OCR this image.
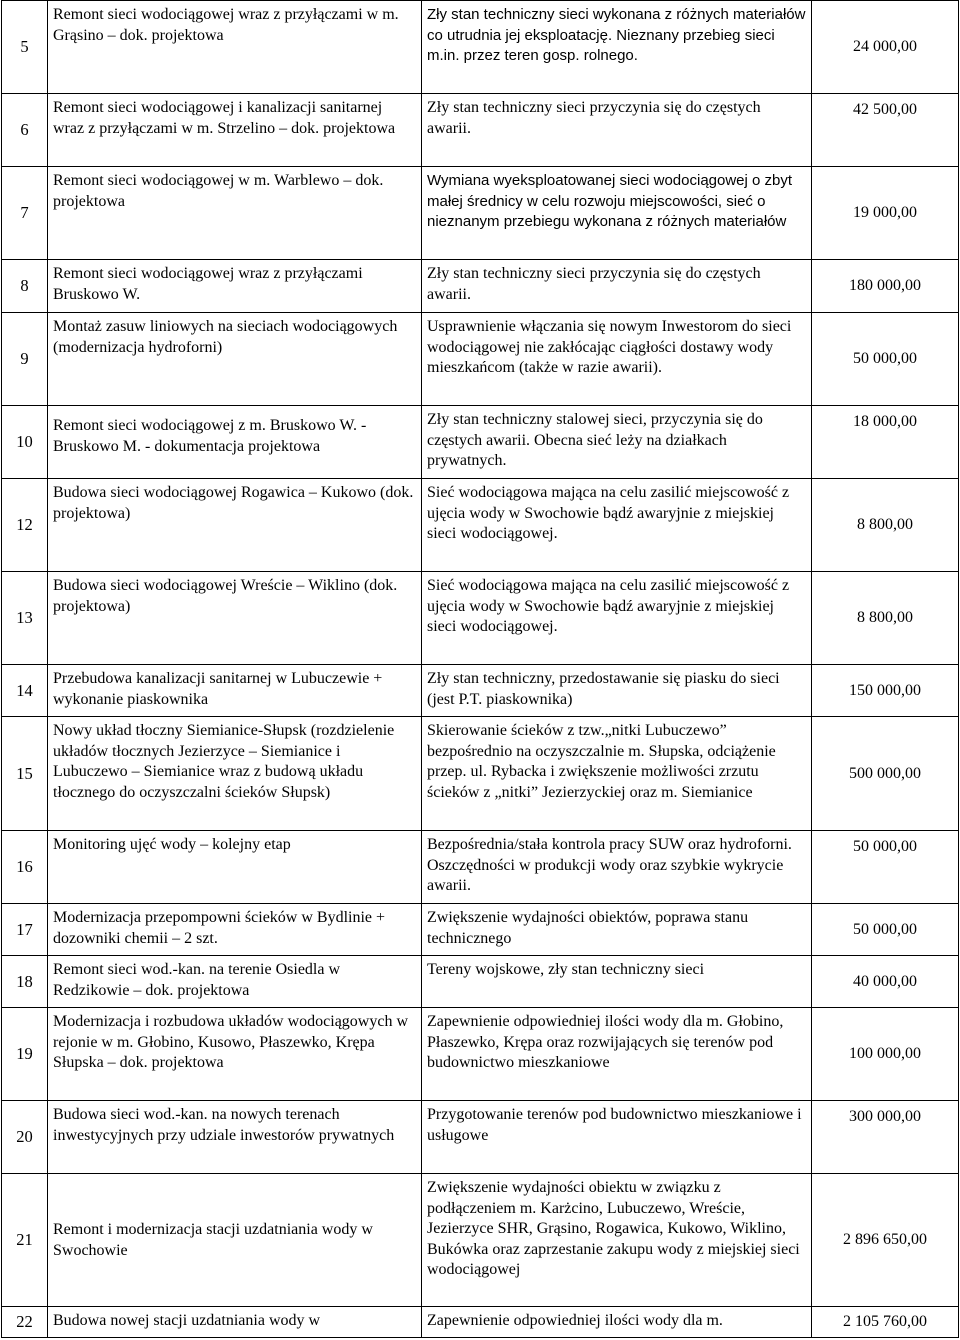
5	Remont sieci wodociągowej wraz z przyłączami w m. Grąsino – dok. projektowa	Zły stan techniczny sieci wykonana z różnych materiałów co utrudnia jej eksploatację. Nieznany przebieg sieci m.in. przez teren gosp. rolnego.	24 000,00
6	Remont sieci wodociągowej i kanalizacji sanitarnej wraz z przyłączami w m. Strzelino – dok. projektowa	Zły stan techniczny sieci przyczynia się do częstych awarii.	42 500,00
7	Remont sieci wodociągowej w m. Warblewo – dok. projektowa	Wymiana wyeksploatowanej sieci wodociągowej o zbyt małej średnicy w celu rozwoju miejscowości, sieć o nieznanym przebiegu wykonana z różnych materiałów	19 000,00
8	Remont sieci wodociągowej wraz z przyłączami Bruskowo W.	Zły stan techniczny sieci przyczynia się do częstych awarii.	180 000,00
9	Montaż zasuw liniowych na sieciach wodociągowych (modernizacja hydroforni)	Usprawnienie włączania się nowym Inwestorom do sieci wodociągowej nie zakłócając ciągłości dostawy wody mieszkańcom (także w razie awarii).	50 000,00
10	Remont sieci wodociągowej z m. Bruskowo W. - Bruskowo M. - dokumentacja projektowa	Zły stan techniczny stalowej sieci, przyczynia się do częstych awarii. Obecna sieć leży na działkach prywatnych.	18 000,00
12	Budowa sieci wodociągowej Rogawica – Kukowo (dok. projektowa)	Sieć wodociągowa mająca na celu zasilić miejscowość z ujęcia wody w Swochowie bądź awaryjnie z miejskiej sieci wodociągowej.	8 800,00
13	Budowa sieci wodociągowej Wreście – Wiklino (dok. projektowa)	Sieć wodociągowa mająca na celu zasilić miejscowość z ujęcia wody w Swochowie bądź awaryjnie z miejskiej sieci wodociągowej.	8 800,00
14	Przebudowa kanalizacji sanitarnej w Lubuczewie + wykonanie piaskownika	Zły stan techniczny, przedostawanie się piasku do sieci (jest P.T. piaskownika)	150 000,00
15	Nowy układ tłoczny Siemianice-Słupsk (rozdzielenie układów tłocznych Jezierzyce – Siemianice i Lubuczewo – Siemianice wraz z budową układu tłocznego do oczyszczalni ścieków Słupsk)	Skierowanie ścieków z tzw.„nitki Lubuczewo” bezpośrednio na oczyszczalnie m. Słupska, odciążenie przep. ul. Rybacka i zwiększenie możliwości zrzutu ścieków z „nitki” Jezierzyckiej oraz m. Siemianice	500 000,00
16	Monitoring ujęć wody – kolejny etap	Bezpośrednia/stała kontrola pracy SUW oraz hydroforni. Oszczędności w produkcji wody oraz szybkie wykrycie awarii.	50 000,00
17	Modernizacja przepompowni ścieków w Bydlinie + dozowniki chemii – 2 szt.	Zwiększenie wydajności obiektów, poprawa stanu technicznego	50 000,00
18	Remont sieci wod.-kan. na terenie Osiedla w Redzikowie – dok. projektowa	Tereny wojskowe, zły stan techniczny sieci	40 000,00
19	Modernizacja i rozbudowa układów wodociągowych w rejonie w m. Głobino, Kusowo, Płaszewko, Krępa Słupska – dok. projektowa	Zapewnienie odpowiedniej ilości wody dla m. Głobino, Płaszewko, Krępa oraz rozwijających się terenów pod budownictwo mieszkaniowe	100 000,00
20	Budowa sieci wod.-kan. na nowych terenach inwestycyjnych przy udziale inwestorów prywatnych	Przygotowanie terenów pod budownictwo mieszkaniowe i usługowe	300 000,00
21	Remont i modernizacja stacji uzdatniania wody w Swochowie	Zwiększenie wydajności obiektu w związku z podłączeniem m. Karżcino, Lubuczewo, Wreście, Jezierzyce SHR, Grąsino, Rogawica, Kukowo, Wiklino, Bukówka oraz zaprzestanie zakupu wody z miejskiej sieci wodociągowej	2 896 650,00
22	Budowa nowej stacji uzdatniania wody w	Zapewnienie odpowiedniej ilości wody dla m.	2 105 760,00
